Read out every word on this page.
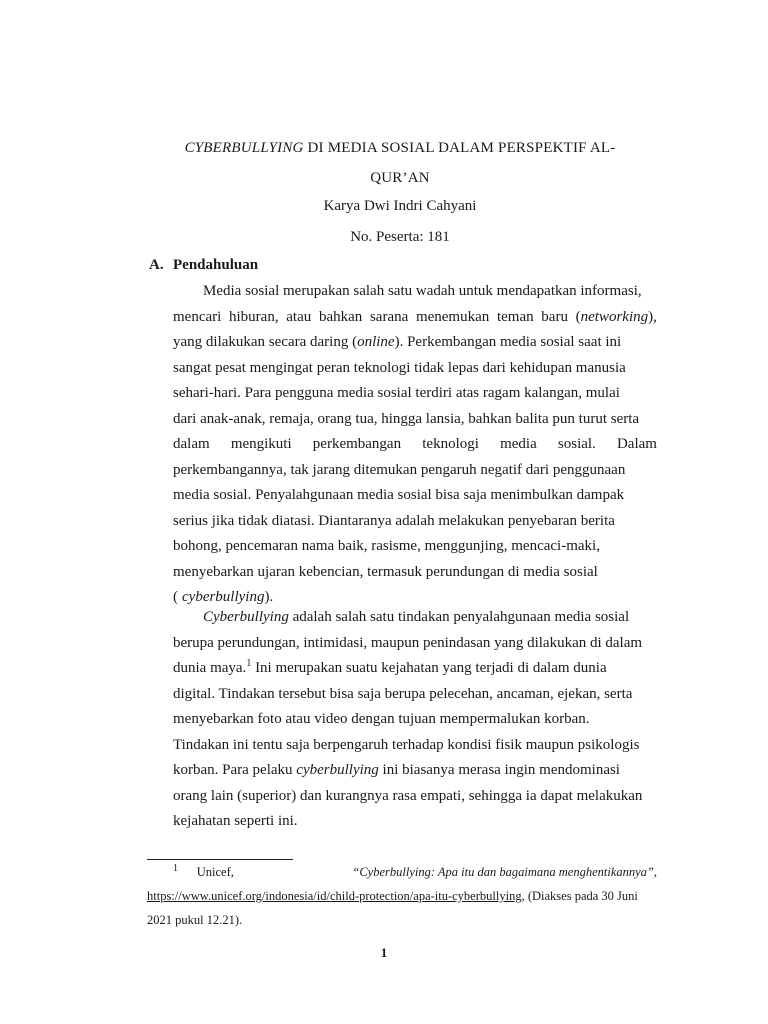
CYBERBULLYING DI MEDIA SOSIAL DALAM PERSPEKTIF AL-
QUR’AN
Karya Dwi Indri Cahyani
No. Peserta: 181
A. Pendahuluan
Media sosial merupakan salah satu wadah untuk mendapatkan informasi,
mencari hiburan, atau bahkan sarana menemukan teman baru (networking),
yang dilakukan secara daring (online). Perkembangan media sosial saat ini
sangat pesat mengingat peran teknologi tidak lepas dari kehidupan manusia
sehari-hari. Para pengguna media sosial terdiri atas ragam kalangan, mulai
dari anak-anak, remaja, orang tua, hingga lansia, bahkan balita pun turut serta
dalam mengikuti perkembangan teknologi media sosial. Dalam
perkembangannya, tak jarang ditemukan pengaruh negatif dari penggunaan
media sosial. Penyalahgunaan media sosial bisa saja menimbulkan dampak
serius jika tidak diatasi. Diantaranya adalah melakukan penyebaran berita
bohong, pencemaran nama baik, rasisme, menggunjing, mencaci-maki,
menyebarkan ujaran kebencian, termasuk perundungan di media sosial
( cyberbullying).
Cyberbullying adalah salah satu tindakan penyalahgunaan media sosial
berupa perundungan, intimidasi, maupun penindasan yang dilakukan di dalam
dunia maya.$^1$ Ini merupakan suatu kejahatan yang terjadi di dalam dunia
digital. Tindakan tersebut bisa saja berupa pelecehan, ancaman, ejekan, serta
menyebarkan foto atau video dengan tujuan mempermalukan korban.
Tindakan ini tentu saja berpengaruh terhadap kondisi fisik maupun psikologis
korban. Para pelaku cyberbullying ini biasanya merasa ingin mendominasi
orang lain (superior) dan kurangnya rasa empati, sehingga ia dapat melakukan
kejahatan seperti ini.
$^1$ Unicef,	“Cyberbullying: Apa itu dan bagaimana menghentikannya”,
https://www.unicef.org/indonesia/id/child-protection/apa-itu-cyberbullying , (Diakses pada 30 Juni
2021 pukul 12.21).
1
